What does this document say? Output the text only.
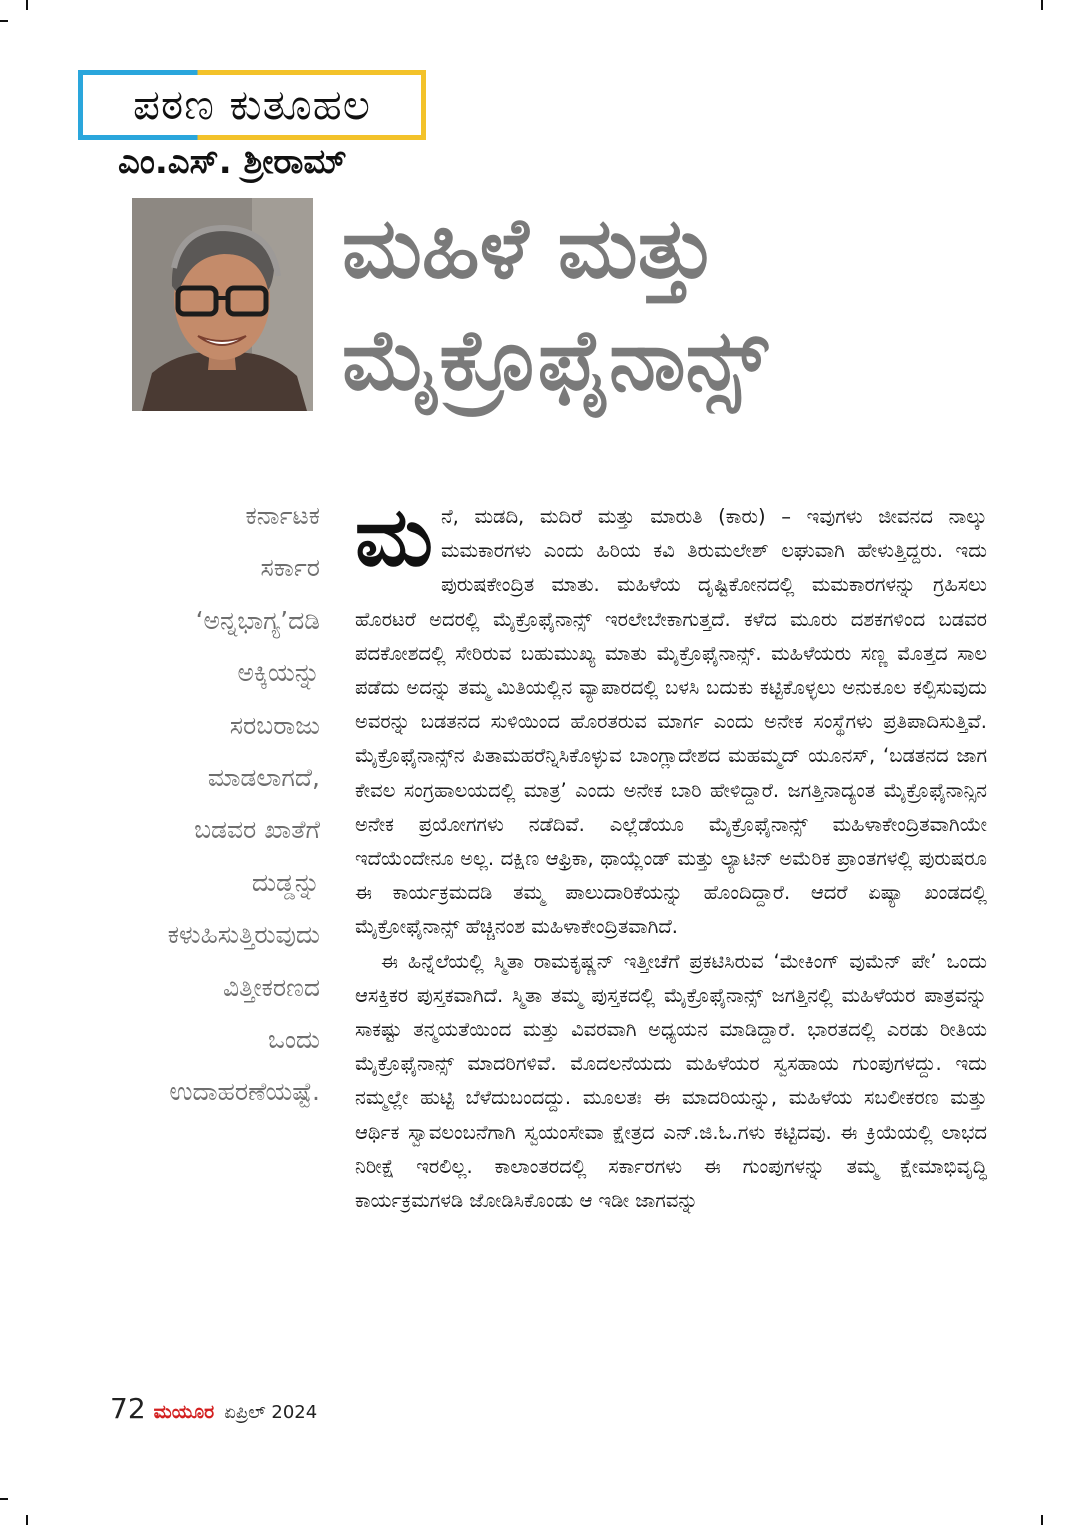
ಪಠಣ ಕುತೂಹಲ
ಎಂ.ಎಸ್. ಶ್ರೀರಾಮ್
ಮಹಿಳೆ ಮತ್ತು
ಮೈಕ್ರೊಫೈನಾನ್ಸ್
ಕರ್ನಾಟಕ
ಸರ್ಕಾರ
‘ಅನ್ನಭಾಗ್ಯ’ದಡಿ
ಅಕ್ಕಿಯನ್ನು
ಸರಬರಾಜು
ಮಾಡಲಾಗದೆ,
ಬಡವರ ಖಾತೆಗೆ
ದುಡ್ಡನ್ನು
ಕಳುಹಿಸುತ್ತಿರುವುದು
ವಿತ್ತೀಕರಣದ
ಒಂದು
ಉದಾಹರಣೆಯಷ್ಟೆ.

ಮನೆ, ಮಡದಿ, ಮದಿರೆ ಮತ್ತು ಮಾರುತಿ (ಕಾರು) – ಇವುಗಳು ಜೀವನದ ನಾಲ್ಕು ಮಮಕಾರಗಳು ಎಂದು ಹಿರಿಯ ಕವಿ ತಿರುಮಲೇಶ್ ಲಘುವಾಗಿ ಹೇಳುತ್ತಿದ್ದರು. ಇದು ಪುರುಷಕೇಂದ್ರಿತ ಮಾತು. ಮಹಿಳೆಯ ದೃಷ್ಟಿಕೋನದಲ್ಲಿ ಮಮಕಾರಗಳನ್ನು ಗ್ರಹಿಸಲು ಹೊರಟರೆ ಅದರಲ್ಲಿ ಮೈಕ್ರೊಫೈನಾನ್ಸ್ ಇರಲೇಬೇಕಾಗುತ್ತದೆ. ಕಳೆದ ಮೂರು ದಶಕಗಳಿಂದ ಬಡವರ ಪದಕೋಶದಲ್ಲಿ ಸೇರಿರುವ ಬಹುಮುಖ್ಯ ಮಾತು ಮೈಕ್ರೊಫೈನಾನ್ಸ್. ಮಹಿಳೆಯರು ಸಣ್ಣ ಮೊತ್ತದ ಸಾಲ ಪಡೆದು ಅದನ್ನು ತಮ್ಮ ಮಿತಿಯಲ್ಲಿನ ವ್ಯಾಪಾರದಲ್ಲಿ ಬಳಸಿ ಬದುಕು ಕಟ್ಟಿಕೊಳ್ಳಲು ಅನುಕೂಲ ಕಲ್ಪಿಸುವುದು ಅವರನ್ನು ಬಡತನದ ಸುಳಿಯಿಂದ ಹೊರತರುವ ಮಾರ್ಗ ಎಂದು ಅನೇಕ ಸಂಸ್ಥೆಗಳು ಪ್ರತಿಪಾದಿಸುತ್ತಿವೆ. ಮೈಕ್ರೊಫೈನಾನ್ಸ್‌ನ ಪಿತಾಮಹರೆನ್ನಿಸಿಕೊಳ್ಳುವ ಬಾಂಗ್ಲಾದೇಶದ ಮಹಮ್ಮದ್ ಯೂನಸ್, ‘ಬಡತನದ ಜಾಗ ಕೇವಲ ಸಂಗ್ರಹಾಲಯದಲ್ಲಿ ಮಾತ್ರ’ ಎಂದು ಅನೇಕ ಬಾರಿ ಹೇಳಿದ್ದಾರೆ. ಜಗತ್ತಿನಾದ್ಯಂತ ಮೈಕ್ರೊಫೈನಾನ್ಸಿನ ಅನೇಕ ಪ್ರಯೋಗಗಳು ನಡೆದಿವೆ. ಎಲ್ಲೆಡೆಯೂ ಮೈಕ್ರೊಫೈನಾನ್ಸ್ ಮಹಿಳಾಕೇಂದ್ರಿತವಾಗಿಯೇ ಇದೆಯೆಂದೇನೂ ಅಲ್ಲ. ದಕ್ಷಿಣ ಆಫ್ರಿಕಾ, ಥಾಯ್ಲೆಂಡ್ ಮತ್ತು ಲ್ಯಾಟಿನ್ ಅಮೆರಿಕ ಪ್ರಾಂತಗಳಲ್ಲಿ ಪುರುಷರೂ ಈ ಕಾರ್ಯಕ್ರಮದಡಿ ತಮ್ಮ ಪಾಲುದಾರಿಕೆಯನ್ನು ಹೊಂದಿದ್ದಾರೆ. ಆದರೆ ಏಷ್ಯಾ ಖಂಡದಲ್ಲಿ ಮೈಕ್ರೋಫೈನಾನ್ಸ್ ಹೆಚ್ಚಿನಂಶ ಮಹಿಳಾಕೇಂದ್ರಿತವಾಗಿದೆ.

ಈ ಹಿನ್ನೆಲೆಯಲ್ಲಿ ಸ್ಮಿತಾ ರಾಮಕೃಷ್ಣನ್ ಇತ್ತೀಚೆಗೆ ಪ್ರಕಟಿಸಿರುವ ‘ಮೇಕಿಂಗ್ ವುಮೆನ್ ಪೇ’ ಒಂದು ಆಸಕ್ತಿಕರ ಪುಸ್ತಕವಾಗಿದೆ. ಸ್ಮಿತಾ ತಮ್ಮ ಪುಸ್ತಕದಲ್ಲಿ ಮೈಕ್ರೊಫೈನಾನ್ಸ್ ಜಗತ್ತಿನಲ್ಲಿ ಮಹಿಳೆಯರ ಪಾತ್ರವನ್ನು ಸಾಕಷ್ಟು ತನ್ಮಯತೆಯಿಂದ ಮತ್ತು ವಿವರವಾಗಿ ಅಧ್ಯಯನ ಮಾಡಿದ್ದಾರೆ. ಭಾರತದಲ್ಲಿ ಎರಡು ರೀತಿಯ ಮೈಕ್ರೊಫೈನಾನ್ಸ್ ಮಾದರಿಗಳಿವೆ. ಮೊದಲನೆಯದು ಮಹಿಳೆಯರ ಸ್ವಸಹಾಯ ಗುಂಪುಗಳದ್ದು. ಇದು ನಮ್ಮಲ್ಲೇ ಹುಟ್ಟಿ ಬೆಳೆದುಬಂದದ್ದು. ಮೂಲತಃ ಈ ಮಾದರಿಯನ್ನು, ಮಹಿಳೆಯ ಸಬಲೀಕರಣ ಮತ್ತು ಆರ್ಥಿಕ ಸ್ವಾವಲಂಬನೆಗಾಗಿ ಸ್ವಯಂಸೇವಾ ಕ್ಷೇತ್ರದ ಎನ್.ಜಿ.ಓ.ಗಳು ಕಟ್ಟಿದವು. ಈ ಕ್ರಿಯೆಯಲ್ಲಿ ಲಾಭದ ನಿರೀಕ್ಷೆ ಇರಲಿಲ್ಲ. ಕಾಲಾಂತರದಲ್ಲಿ ಸರ್ಕಾರಗಳು ಈ ಗುಂಪುಗಳನ್ನು ತಮ್ಮ ಕ್ಷೇಮಾಭಿವೃದ್ಧಿ ಕಾರ್ಯಕ್ರಮಗಳಡಿ ಜೋಡಿಸಿಕೊಂಡು ಆ ಇಡೀ ಜಾಗವನ್ನು

72 ಮಯೂರ ಏಪ್ರಿಲ್ 2024
